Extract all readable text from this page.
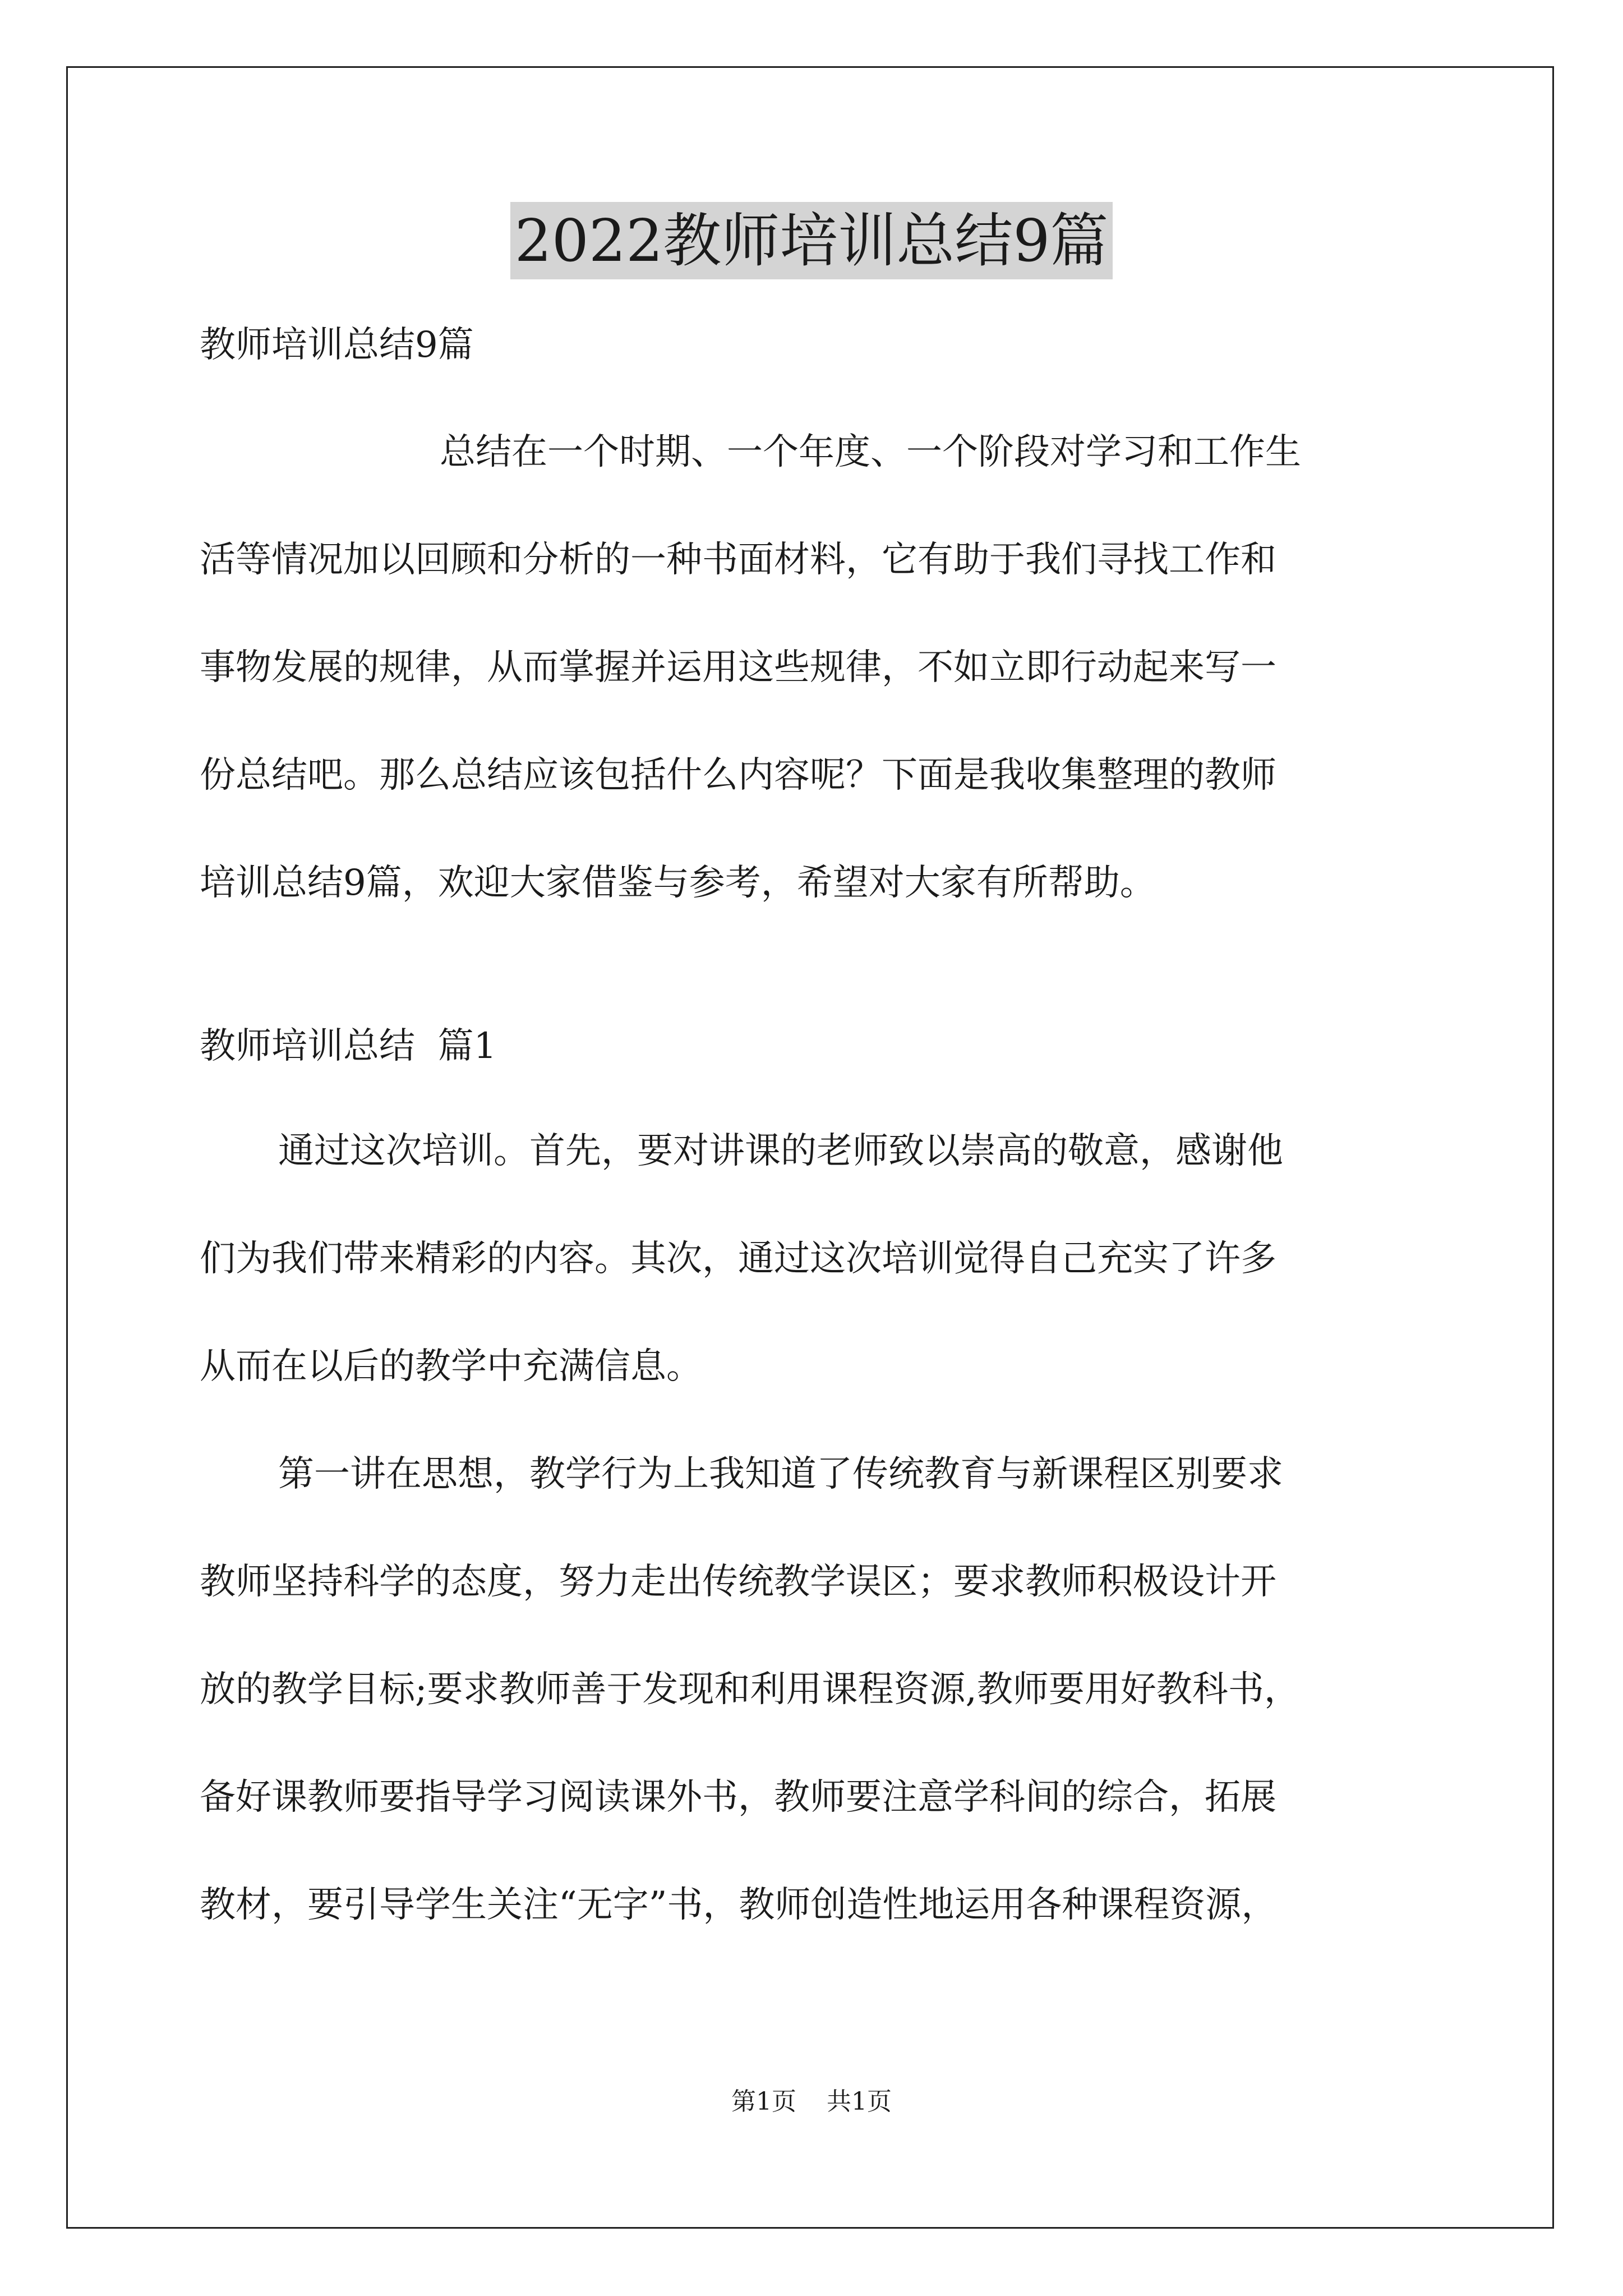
2022教师培训总结9篇
教师培训总结9篇

总结在一个时期、一个年度、一个阶段对学习和工作生

活等情况加以回顾和分析的一种书面材料，它有助于我们寻找工作和

事物发展的规律，从而掌握并运用这些规律，不如立即行动起来写一

份总结吧。那么总结应该包括什么内容呢？下面是我收集整理的教师

培训总结9篇，欢迎大家借鉴与参考，希望对大家有所帮助。

教师培训总结  篇1

通过这次培训。首先，要对讲课的老师致以崇高的敬意，感谢他

们为我们带来精彩的内容。其次，通过这次培训觉得自己充实了许多

从而在以后的教学中充满信息。

第一讲在思想，教学行为上我知道了传统教育与新课程区别要求

教师坚持科学的态度，努力走出传统教学误区；要求教师积极设计开

放的教学目标;要求教师善于发现和利用课程资源,教师要用好教科书，

备好课教师要指导学习阅读课外书，教师要注意学科间的综合，拓展

教材，要引导学生关注“无字”书，教师创造性地运用各种课程资源，

第1页 共1页
